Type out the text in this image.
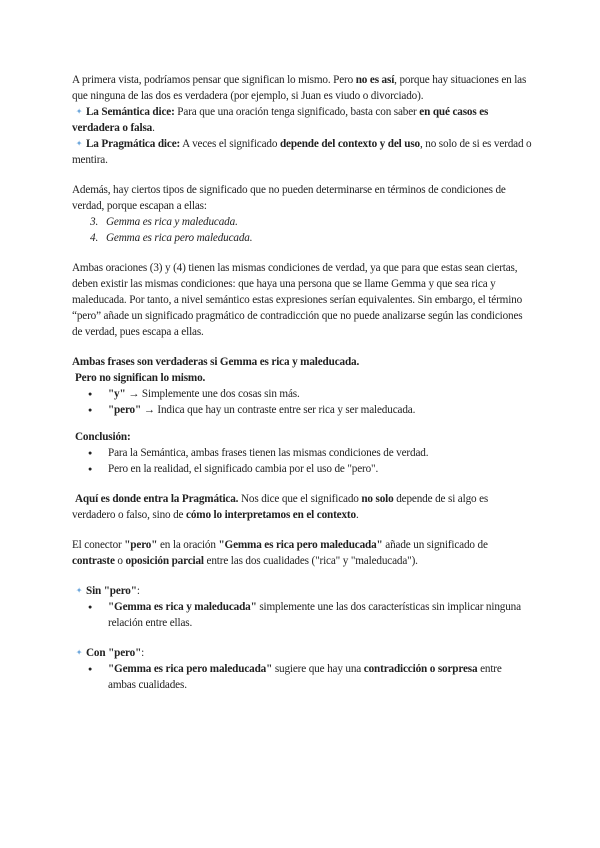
A primera vista, podríamos pensar que significan lo mismo. Pero no es así, porque hay situaciones en las que ninguna de las dos es verdadera (por ejemplo, si Juan es viudo o divorciado).

✦ La Semántica dice: Para que una oración tenga significado, basta con saber en qué casos es verdadera o falsa.

✦ La Pragmática dice: A veces el significado depende del contexto y del uso, no solo de si es verdad o mentira.

Además, hay ciertos tipos de significado que no pueden determinarse en términos de condiciones de verdad, porque escapan a ellas:

3. Gemma es rica y maleducada.
4. Gemma es rica pero maleducada.

Ambas oraciones (3) y (4) tienen las mismas condiciones de verdad, ya que para que estas sean ciertas, deben existir las mismas condiciones: que haya una persona que se llame Gemma y que sea rica y maleducada. Por tanto, a nivel semántico estas expresiones serían equivalentes. Sin embargo, el término “pero” añade un significado pragmático de contradicción que no puede analizarse según las condiciones de verdad, pues escapa a ellas.

Ambas frases son verdaderas si Gemma es rica y maleducada.

Pero no significan lo mismo.

● "y" → Simplemente une dos cosas sin más.
● "pero" → Indica que hay un contraste entre ser rica y ser maleducada.

Conclusión:

● Para la Semántica, ambas frases tienen las mismas condiciones de verdad.
● Pero en la realidad, el significado cambia por el uso de "pero".

Aquí es donde entra la Pragmática. Nos dice que el significado no solo depende de si algo es verdadero o falso, sino de cómo lo interpretamos en el contexto.

El conector "pero" en la oración "Gemma es rica pero maleducada" añade un significado de contraste o oposición parcial entre las dos cualidades ("rica" y "maleducada").

✦ Sin "pero":

● "Gemma es rica y maleducada" simplemente une las dos características sin implicar ninguna relación entre ellas.

✦ Con "pero":

● "Gemma es rica pero maleducada" sugiere que hay una contradicción o sorpresa entre ambas cualidades.
